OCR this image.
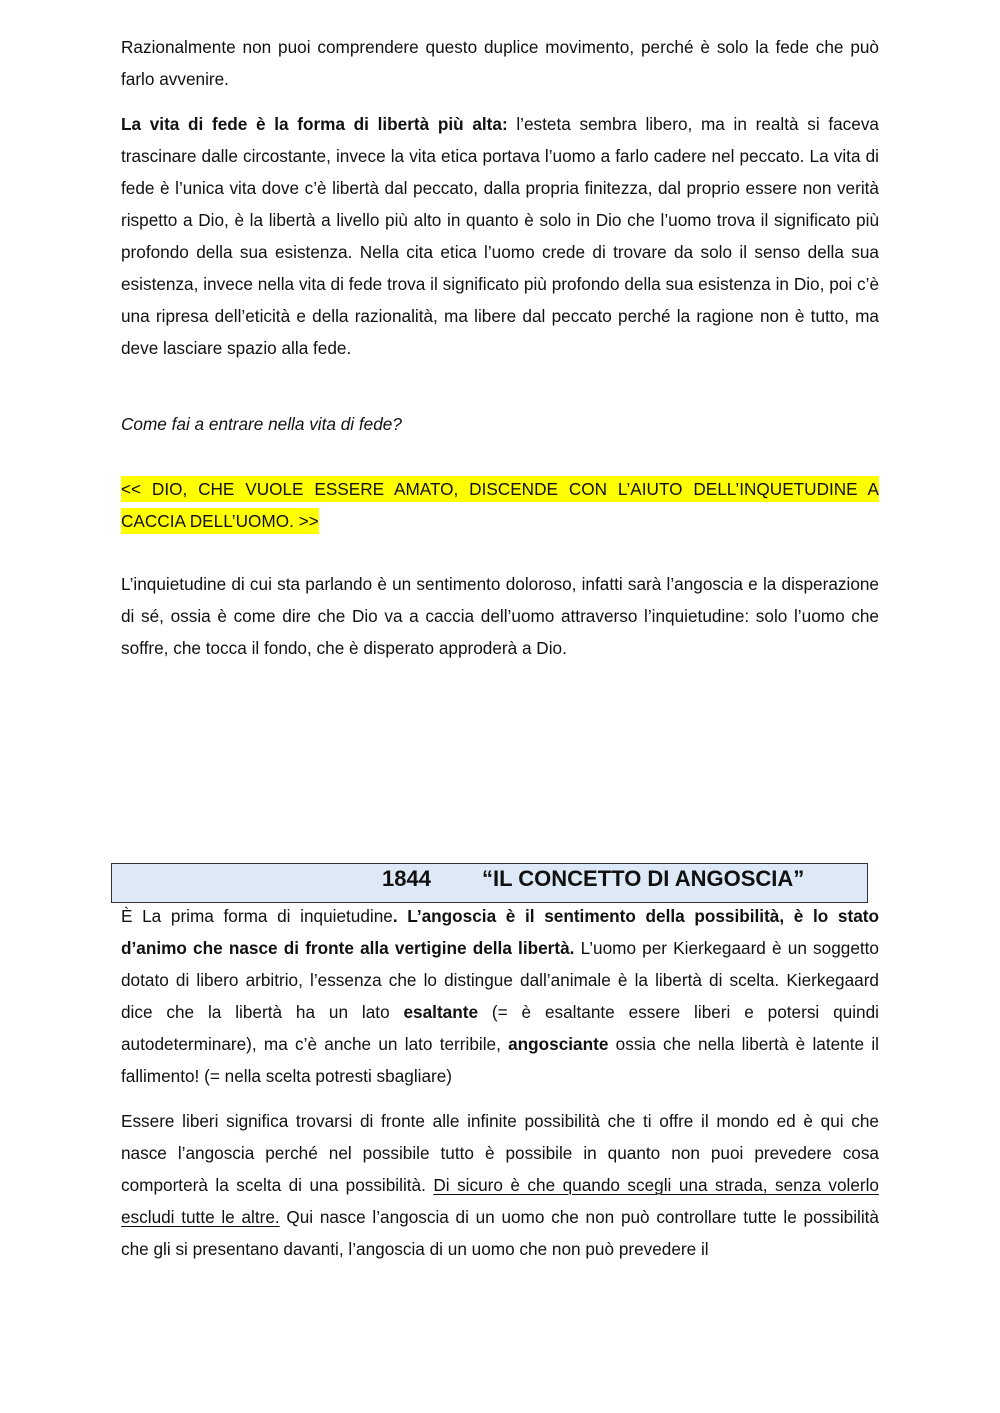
Razionalmente non puoi comprendere questo duplice movimento, perché è solo la fede che può farlo avvenire.

La vita di fede è la forma di libertà più alta: l’esteta sembra libero, ma in realtà si faceva trascinare dalle circostante, invece la vita etica portava l’uomo a farlo cadere nel peccato. La vita di fede è l’unica vita dove c’è libertà dal peccato, dalla propria finitezza, dal proprio essere non verità rispetto a Dio, è la libertà a livello più alto in quanto è solo in Dio che l’uomo trova il significato più profondo della sua esistenza. Nella cita etica l’uomo crede di trovare da solo il senso della sua esistenza, invece nella vita di fede trova il significato più profondo della sua esistenza in Dio, poi c’è una ripresa dell’eticità e della razionalità, ma libere dal peccato perché la ragione non è tutto, ma deve lasciare spazio alla fede.

Come fai a entrare nella vita di fede?

<< DIO, CHE VUOLE ESSERE AMATO, DISCENDE CON L’AIUTO DELL’INQUETUDINE A CACCIA DELL’UOMO. >>

L’inquietudine di cui sta parlando è un sentimento doloroso, infatti sarà l’angoscia e la disperazione di sé, ossia è come dire che Dio va a caccia dell’uomo attraverso l’inquietudine: solo l’uomo che soffre, che tocca il fondo, che è disperato approderà a Dio.

1844 “IL CONCETTO DI ANGOSCIA”

È La prima forma di inquietudine. L’angoscia è il sentimento della possibilità, è lo stato d’animo che nasce di fronte alla vertigine della libertà. L’uomo per Kierkegaard è un soggetto dotato di libero arbitrio, l’essenza che lo distingue dall’animale è la libertà di scelta. Kierkegaard dice che la libertà ha un lato esaltante (= è esaltante essere liberi e potersi quindi autodeterminare), ma c’è anche un lato terribile, angosciante ossia che nella libertà è latente il fallimento! (= nella scelta potresti sbagliare)

Essere liberi significa trovarsi di fronte alle infinite possibilità che ti offre il mondo ed è qui che nasce l’angoscia perché nel possibile tutto è possibile in quanto non puoi prevedere cosa comporterà la scelta di una possibilità. Di sicuro è che quando scegli una strada, senza volerlo escludi tutte le altre. Qui nasce l’angoscia di un uomo che non può controllare tutte le possibilità che gli si presentano davanti, l’angoscia di un uomo che non può prevedere il
